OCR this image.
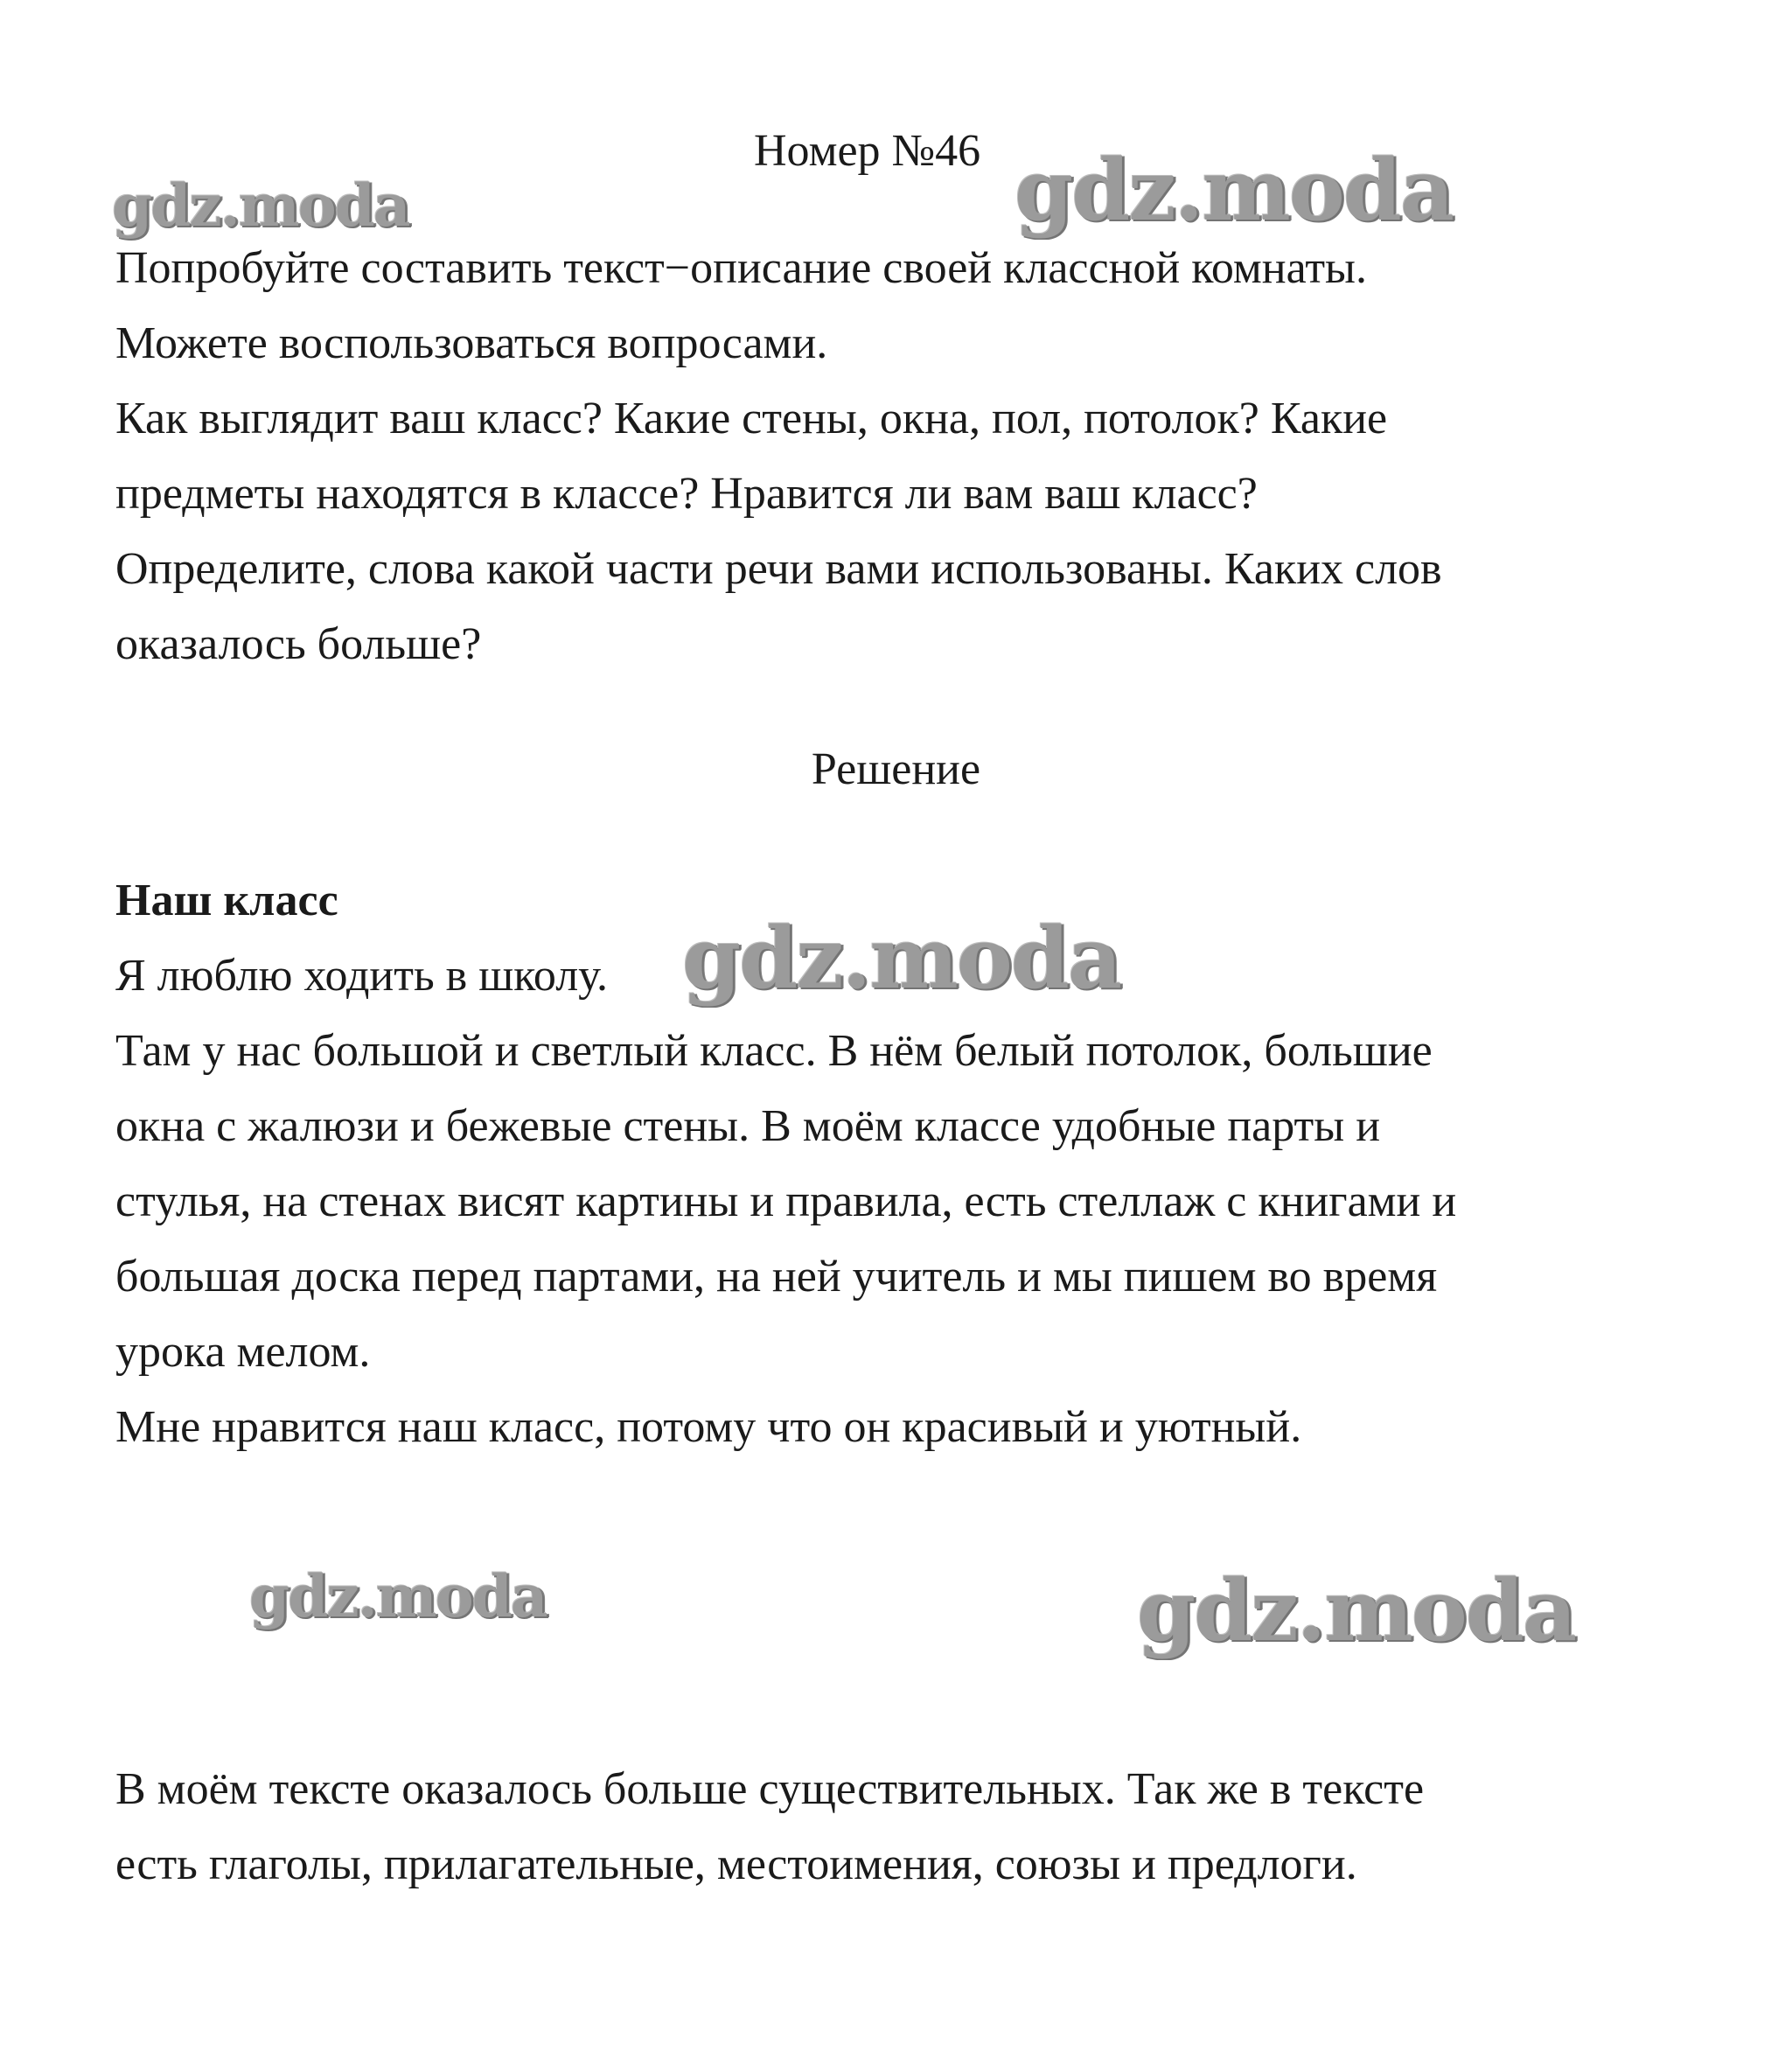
Номер №46

gdz.moda	gdz.moda
gdz.moda
gdz.moda	gdz.moda

Попробуйте составить текст−описание своей классной комнаты.

Можете воспользоваться вопросами.

Как выглядит ваш класс? Какие стены, окна, пол, потолок? Какие

предметы находятся в классе? Нравится ли вам ваш класс?

Определите, слова какой части речи вами использованы. Каких слов

оказалось больше?

Решение

Наш класс

Я люблю ходить в школу.

Там у нас большой и светлый класс. В нём белый потолок, большие

окна с жалюзи и бежевые стены. В моём классе удобные парты и

стулья, на стенах висят картины и правила, есть стеллаж с книгами и

большая доска перед партами, на ней учитель и мы пишем во время

урока мелом.

Мне нравится наш класс, потому что он красивый и уютный.

В моём тексте оказалось больше существительных. Так же в тексте

есть глаголы, прилагательные, местоимения, союзы и предлоги.
